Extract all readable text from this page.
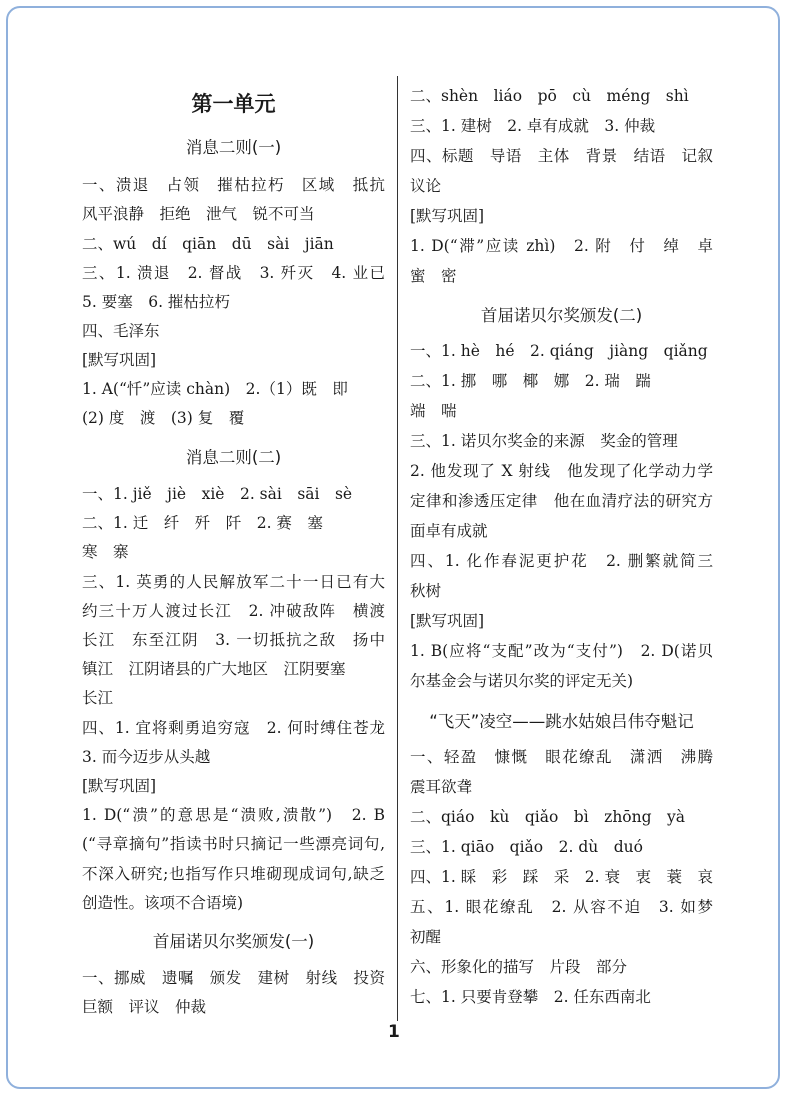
第一单元
消息二则(一)
一、溃退　占领　摧枯拉朽　区域　抵抗
风平浪静　拒绝　泄气　锐不可当
二、wú　dí　qiān　dū　sài　jiān
三、1. 溃退　2. 督战　3. 歼灭　4. 业已
5. 要塞　6. 摧枯拉朽
四、毛泽东
[默写巩固]
1. A(“忏”应读 chàn)　2.（1）既　即
(2) 度　渡　(3) 复　覆
消息二则(二)
一、1. jiě　jiè　xiè　2. sài　sāi　sè
二、1. 迁　纤　歼　阡　2. 赛　塞
寒　寨
三、1. 英勇的人民解放军二十一日已有大
约三十万人渡过长江　2. 冲破敌阵　横渡
长江　东至江阴　3. 一切抵抗之敌　扬中
镇江　江阴诸县的广大地区　江阴要塞
长江
四、1. 宜将剩勇追穷寇　2. 何时缚住苍龙
3. 而今迈步从头越
[默写巩固]
1. D(“溃”的意思是“溃败,溃散”)　2. B
(“寻章摘句”指读书时只摘记一些漂亮词句,
不深入研究;也指写作只堆砌现成词句,缺乏
创造性。该项不合语境)
首届诺贝尔奖颁发(一)
一、挪威　遗嘱　颁发　建树　射线　投资
巨额　评议　仲裁
二、shèn　liáo　pō　cù　méng　shì
三、1. 建树　2. 卓有成就　3. 仲裁
四、标题　导语　主体　背景　结语　记叙
议论
[默写巩固]
1. D(“滞”应读 zhì)　2. 附　付　绰　卓
蜜　密
首届诺贝尔奖颁发(二)
一、1. hè　hé　2. qiáng　jiàng　qiǎng
二、1. 挪　哪　椰　娜　2. 瑞　踹
端　喘
三、1. 诺贝尔奖金的来源　奖金的管理
2. 他发现了 X 射线　他发现了化学动力学
定律和渗透压定律　他在血清疗法的研究方
面卓有成就
四、1. 化作春泥更护花　2. 删繁就简三
秋树
[默写巩固]
1. B(应将“支配”改为“支付”)　2. D(诺贝
尔基金会与诺贝尔奖的评定无关)
“飞天”凌空——跳水姑娘吕伟夺魁记
一、轻盈　慷慨　眼花缭乱　潇洒　沸腾
震耳欲聋
二、qiáo　kù　qiǎo　bì　zhōng　yà
三、1. qiāo　qiǎo　2. dù　duó
四、1. 睬　彩　踩　采　2. 衰　衷　蓑　哀
五、1. 眼花缭乱　2. 从容不迫　3. 如梦
初醒
六、形象化的描写　片段　部分
七、1. 只要肯登攀　2. 任东西南北
1
